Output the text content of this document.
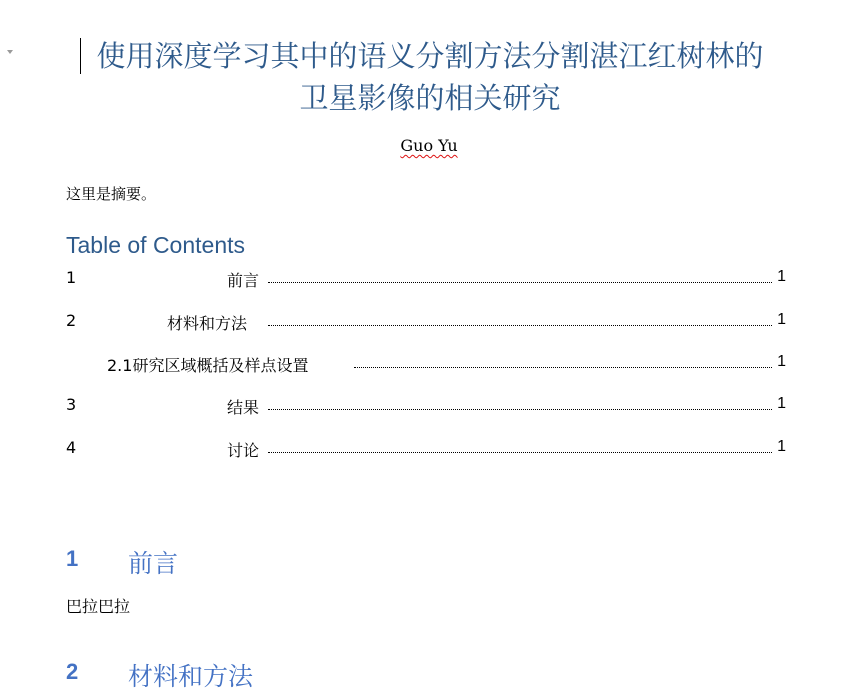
使用深度学习其中的语义分割方法分割湛江红树林的
卫星影像的相关研究
Guo Yu
这里是摘要。
Table of Contents
1	前言	1
2	材料和方法	1
2.1研究区域概括及样点设置	1
3	结果	1
4	讨论	1
1 前言
巴拉巴拉
2 材料和方法
